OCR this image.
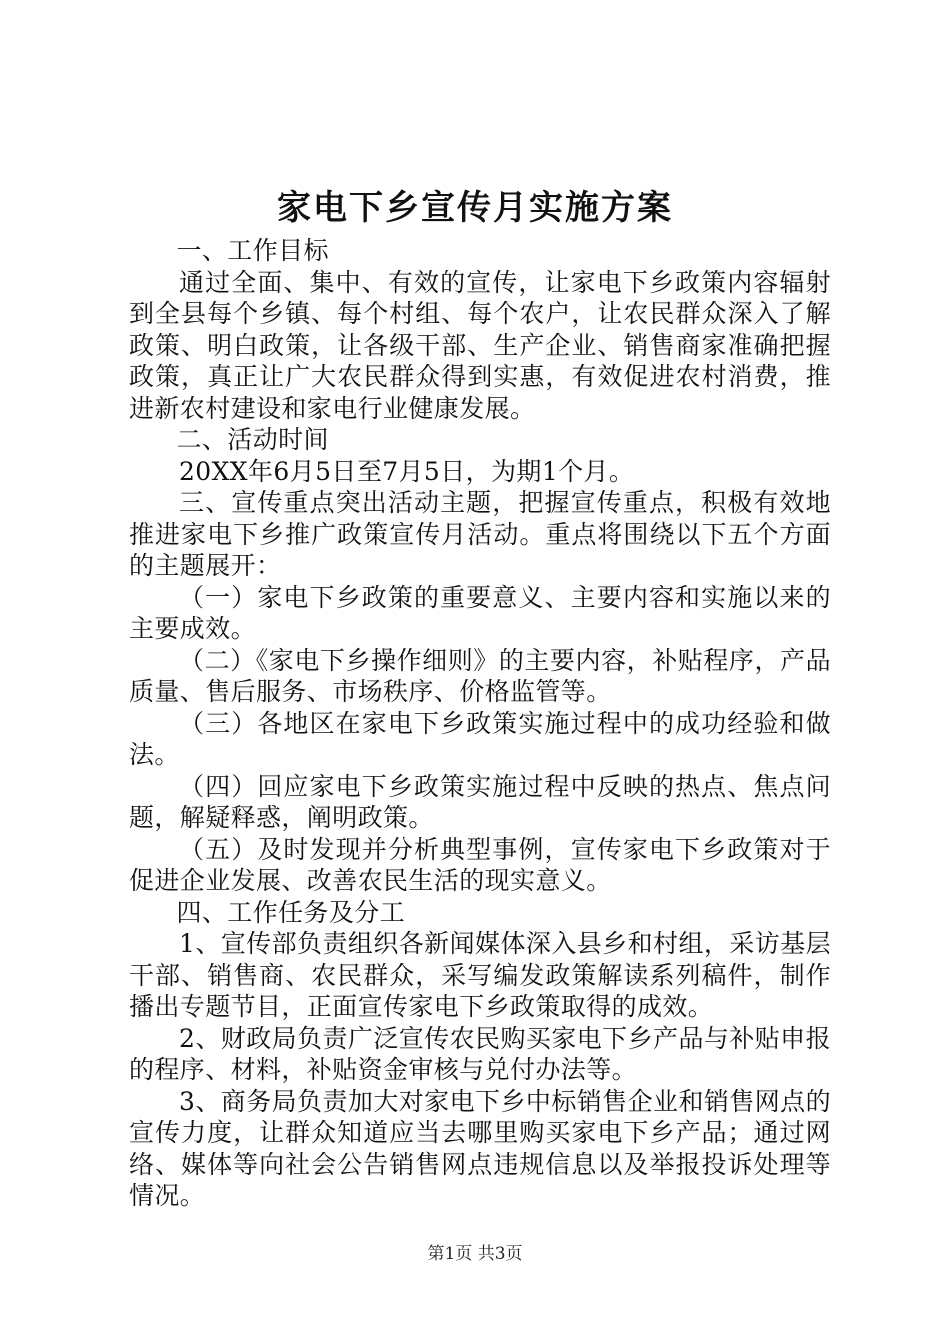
家电下乡宣传月实施方案

一、工作目标

通过全面、集中、有效的宣传，让家电下乡政策内容辐射到全县每个乡镇、每个村组、每个农户，让农民群众深入了解政策、明白政策，让各级干部、生产企业、销售商家准确把握政策，真正让广大农民群众得到实惠，有效促进农村消费，推进新农村建设和家电行业健康发展。

二、活动时间

20XX年6月5日至7月5日，为期1个月。

三、宣传重点突出活动主题，把握宣传重点，积极有效地推进家电下乡推广政策宣传月活动。重点将围绕以下五个方面的主题展开：

（一）家电下乡政策的重要意义、主要内容和实施以来的主要成效。

（二）《家电下乡操作细则》的主要内容，补贴程序，产品质量、售后服务、市场秩序、价格监管等。

（三）各地区在家电下乡政策实施过程中的成功经验和做法。

（四）回应家电下乡政策实施过程中反映的热点、焦点问题，解疑释惑，阐明政策。

（五）及时发现并分析典型事例，宣传家电下乡政策对于促进企业发展、改善农民生活的现实意义。

四、工作任务及分工

1、宣传部负责组织各新闻媒体深入县乡和村组，采访基层干部、销售商、农民群众，采写编发政策解读系列稿件，制作播出专题节目，正面宣传家电下乡政策取得的成效。

2、财政局负责广泛宣传农民购买家电下乡产品与补贴申报的程序、材料，补贴资金审核与兑付办法等。

3、商务局负责加大对家电下乡中标销售企业和销售网点的宣传力度，让群众知道应当去哪里购买家电下乡产品；通过网络、媒体等向社会公告销售网点违规信息以及举报投诉处理等情况。

第1页 共3页
